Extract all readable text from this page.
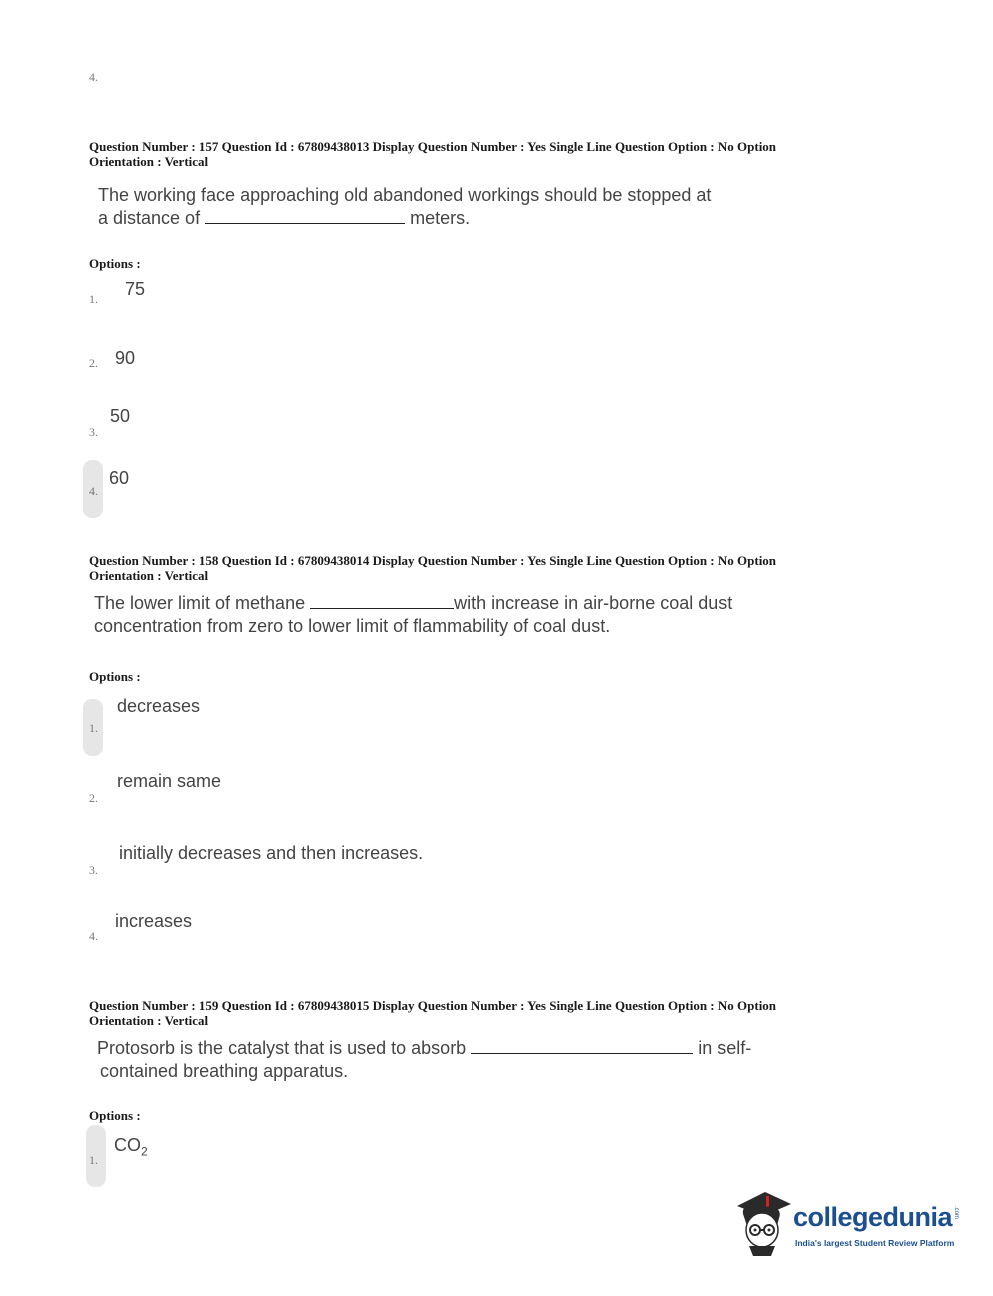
4.
Question Number : 157 Question Id : 67809438013 Display Question Number : Yes Single Line Question Option : No Option
Orientation : Vertical
The working face approaching old abandoned workings should be stopped at
a distance of	meters.
Options :
1. 75
2. 90
3.
50
4.
60
Question Number : 158 Question Id : 67809438014 Display Question Number : Yes Single Line Question Option : No Option
Orientation : Vertical
The lower limit of methane	with increase in air-borne coal dust
concentration from zero to lower limit of flammability of coal dust.
Options :
1.
decreases
2.
remain same
3.
initially decreases and then increases.
4.
increases
Question Number : 159 Question Id : 67809438015 Display Question Number : Yes Single Line Question Option : No Option
Orientation : Vertical
Protosorb is the catalyst that is used to absorb	in self-
contained breathing apparatus.
Options :
1.
$CO_2$
collegedunia .com
India's largest Student Review Platform
